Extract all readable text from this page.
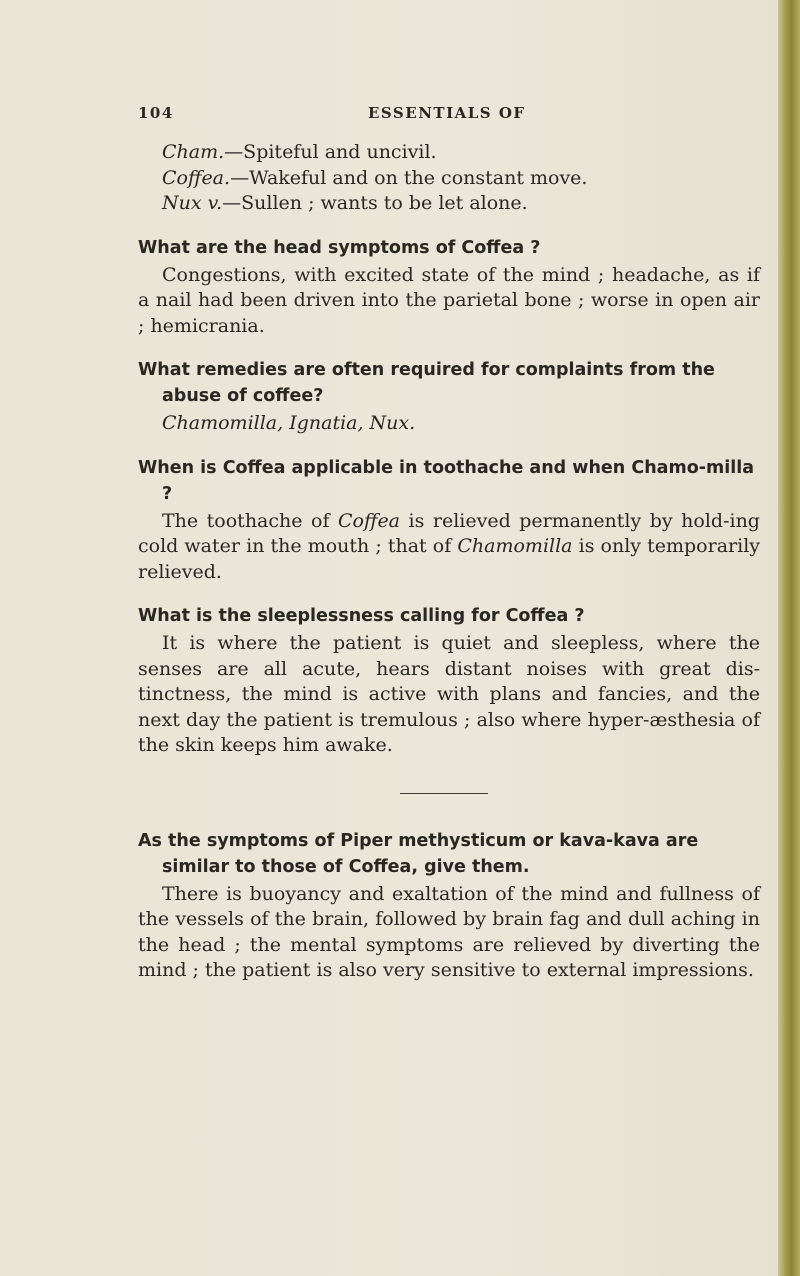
104	ESSENTIALS OF

Cham.—Spiteful and uncivil.

Coffea.—Wakeful and on the constant move.

Nux v.—Sullen ; wants to be let alone.

What are the head symptoms of Coffea ?

Congestions, with excited state of the mind ; headache, as if a nail had been driven into the parietal bone ; worse in open air ; hemicrania.

What remedies are often required for complaints from the abuse of coffee?

Chamomilla, Ignatia, Nux.

When is Coffea applicable in toothache and when Chamo-milla ?

The toothache of Coffea is relieved permanently by hold-ing cold water in the mouth ; that of Chamomilla is only temporarily relieved.

What is the sleeplessness calling for Coffea ?

It is where the patient is quiet and sleepless, where the senses are all acute, hears distant noises with great dis-tinctness, the mind is active with plans and fancies, and the next day the patient is tremulous ; also where hyper-æsthesia of the skin keeps him awake.

As the symptoms of Piper methysticum or kava-kava are similar to those of Coffea, give them.

There is buoyancy and exaltation of the mind and fullness of the vessels of the brain, followed by brain fag and dull aching in the head ; the mental symptoms are relieved by diverting the mind ; the patient is also very sensitive to external impressions.
